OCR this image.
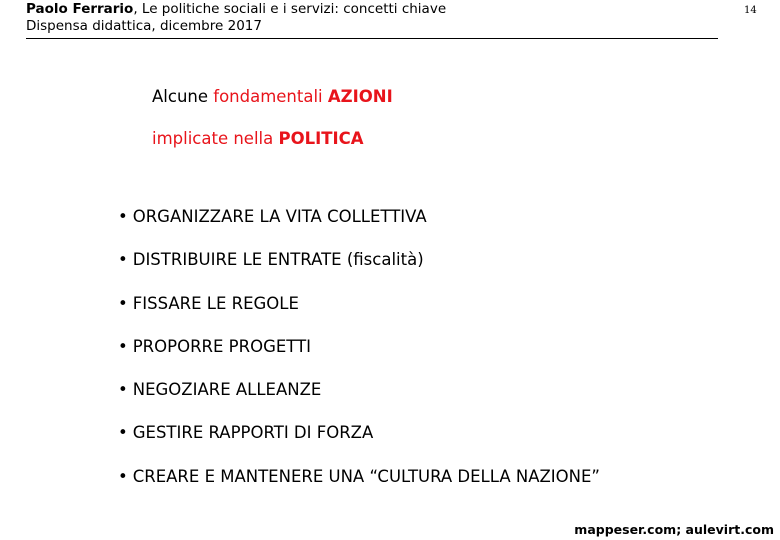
Paolo Ferrario, Le politiche sociali e i servizi: concetti chiave
Dispensa didattica, dicembre 2017
14
Alcune fondamentali AZIONI
implicate nella POLITICA
• ORGANIZZARE LA VITA COLLETTIVA
• DISTRIBUIRE LE ENTRATE (fiscalità)
• FISSARE LE REGOLE
• PROPORRE PROGETTI
• NEGOZIARE ALLEANZE
• GESTIRE RAPPORTI DI FORZA
• CREARE E MANTENERE UNA “CULTURA DELLA NAZIONE”
mappeser.com; aulevirt.com
